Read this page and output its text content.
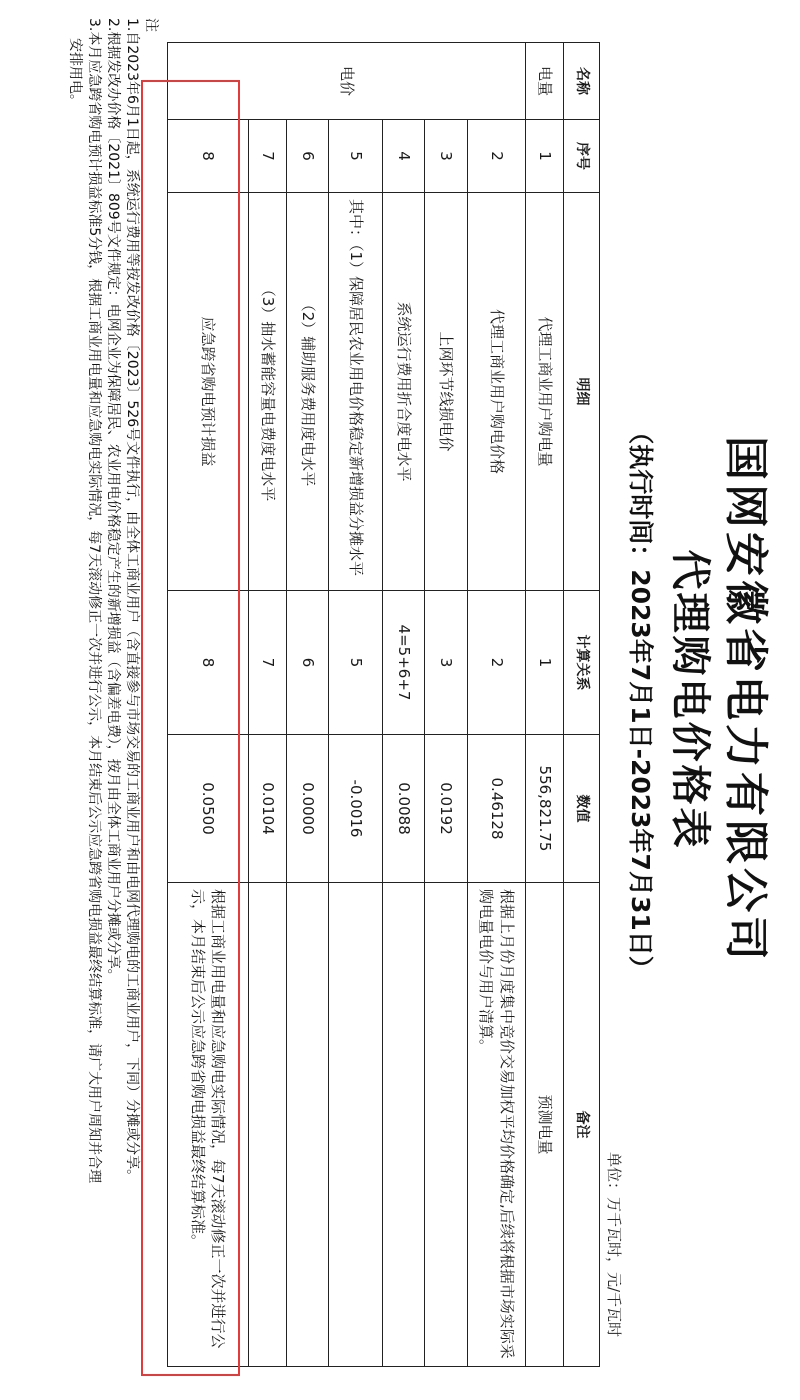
国网安徽省电力有限公司
代理购电价格表
（执行时间：2023年7月1日-2023年7月31日）
单位：万千瓦时，元/千瓦时
名称	序号	明细	计算关系	数值	备注
电量	1	代理工商业用户购电量	1	556,821.75	预测电量
电价	2	代理工商业用户购电价格	2	0.46128	根据上月份月度集中竞价交易加权平均价格确定,后续将根据市场实际采购电量电价与用户清算。
	3	上网环节线损电价	3	0.0192	
	4	系统运行费用折合度电水平	4=5+6+7	0.0088	
	5	其中：（1）保障居民农业用电价格稳定新增损益分摊水平	5	-0.0016	
	6	（2）辅助服务费用度电水平	6	0.0000	
	7	（3）抽水蓄能容量电费度电水平	7	0.0104	
	8	应急跨省购电预计损益	8	0.0500	根据工商业用电量和应急购电实际情况，每7天滚动修正一次并进行公示，本月结束后公示应急跨省购电损益最终结算标准。
注
1.自2023年6月1日起，系统运行费用等按发改价格〔2023〕526号文件执行，由全体工商业用户（含直接参与市场交易的工商业用户和由电网代理购电的工商业用户，下同）分摊或分享。
2.根据发改办价格〔2021〕809号文件规定：电网企业为保障居民、农业用电价格稳定产生的新增损益（含偏差电费），按月由全体工商业用户分摊或分享。
3.本月应急跨省购电预计损益标准5分钱，根据工商业用电量和应急购电实际情况，每7天滚动修正一次并进行公示，本月结束后公示应急跨省购电损益最终结算标准，请广大用户周知并合理
安排用电。
